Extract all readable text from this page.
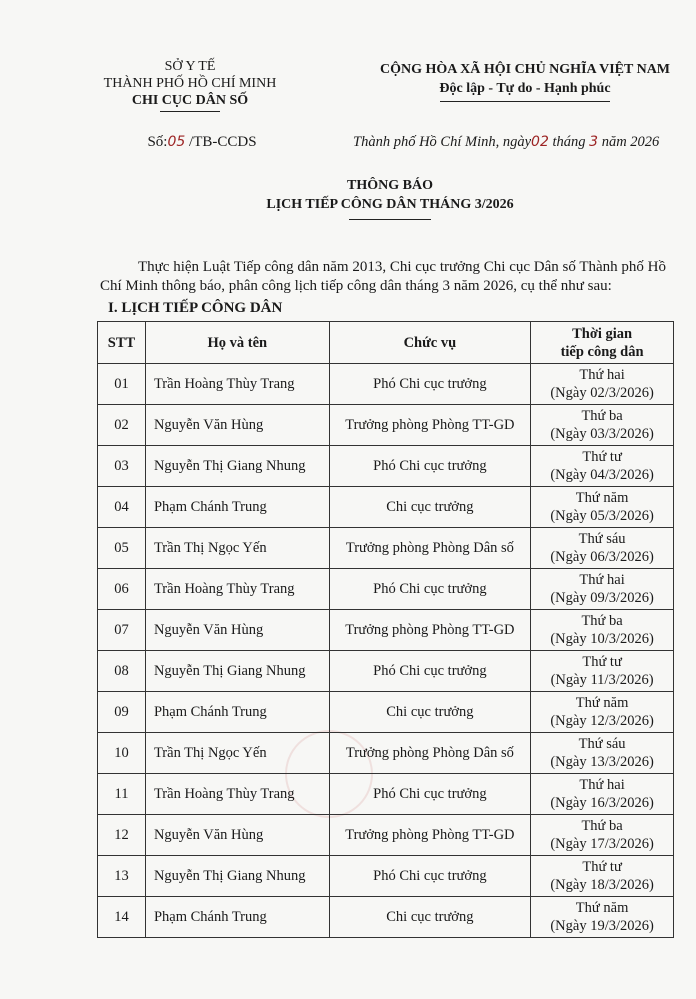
SỞ Y TẾ
THÀNH PHỐ HỒ CHÍ MINH
CHI CỤC DÂN SỐ
CỘNG HÒA XÃ HỘI CHỦ NGHĨA VIỆT NAM
Độc lập - Tự do - Hạnh phúc
Số:05 /TB-CCDS	Thành phố Hồ Chí Minh, ngày02 tháng 3 năm 2026
THÔNG BÁO
LỊCH TIẾP CÔNG DÂN THÁNG 3/2026
Thực hiện Luật Tiếp công dân năm 2013, Chi cục trưởng Chi cục Dân số Thành phố Hồ Chí Minh thông báo, phân công lịch tiếp công dân tháng 3 năm 2026, cụ thể như sau:
I. LỊCH TIẾP CÔNG DÂN
STT	Họ và tên	Chức vụ	Thời gian
tiếp công dân

01	Trần Hoàng Thùy Trang	Phó Chi cục trưởng	Thứ hai
(Ngày 02/3/2026)

02	Nguyễn Văn Hùng	Trưởng phòng Phòng TT-GD	Thứ ba
(Ngày 03/3/2026)

03	Nguyễn Thị Giang Nhung	Phó Chi cục trưởng	Thứ tư
(Ngày 04/3/2026)

04	Phạm Chánh Trung	Chi cục trưởng	Thứ năm
(Ngày 05/3/2026)

05	Trần Thị Ngọc Yến	Trưởng phòng Phòng Dân số	Thứ sáu
(Ngày 06/3/2026)

06	Trần Hoàng Thùy Trang	Phó Chi cục trưởng	Thứ hai
(Ngày 09/3/2026)

07	Nguyễn Văn Hùng	Trưởng phòng Phòng TT-GD	Thứ ba
(Ngày 10/3/2026)

08	Nguyễn Thị Giang Nhung	Phó Chi cục trưởng	Thứ tư
(Ngày 11/3/2026)

09	Phạm Chánh Trung	Chi cục trưởng	Thứ năm
(Ngày 12/3/2026)

10	Trần Thị Ngọc Yến	Trưởng phòng Phòng Dân số	Thứ sáu
(Ngày 13/3/2026)

11	Trần Hoàng Thùy Trang	Phó Chi cục trưởng	Thứ hai
(Ngày 16/3/2026)

12	Nguyễn Văn Hùng	Trưởng phòng Phòng TT-GD	Thứ ba
(Ngày 17/3/2026)

13	Nguyễn Thị Giang Nhung	Phó Chi cục trưởng	Thứ tư
(Ngày 18/3/2026)

14	Phạm Chánh Trung	Chi cục trưởng	Thứ năm
(Ngày 19/3/2026)
